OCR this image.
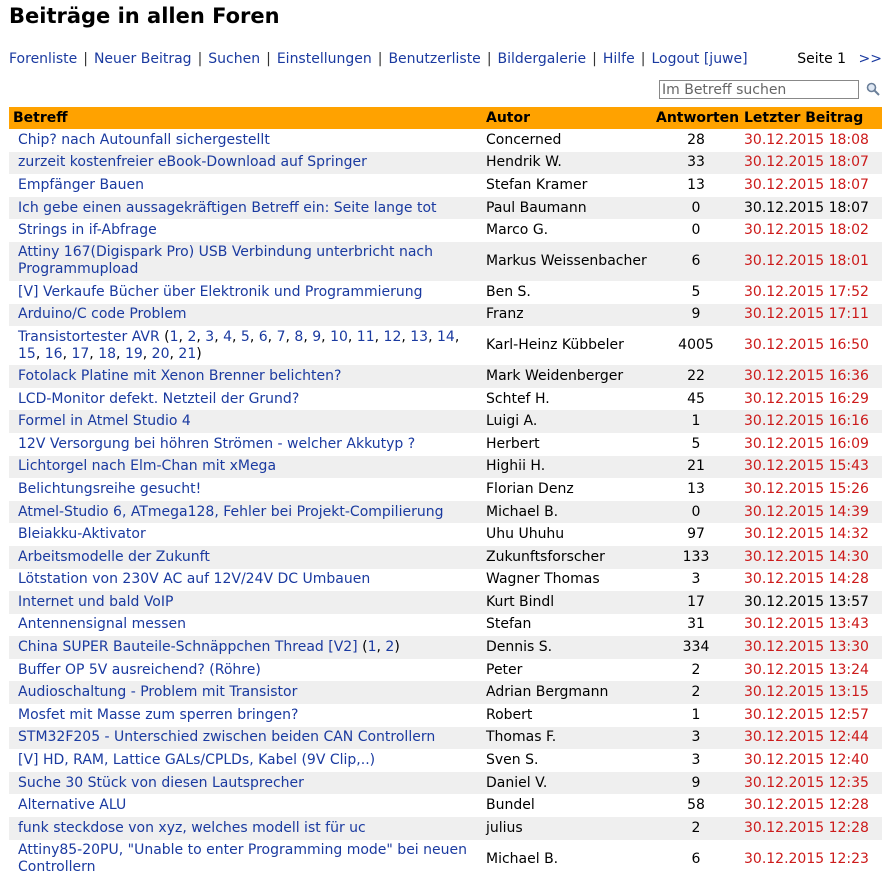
Beiträge in allen Foren
Forenliste | Neuer Beitrag | Suchen | Einstellungen | Benutzerliste | Bildergalerie | Hilfe | Logout [juwe]	Seite 1 >>
Im Betreff suchen
Betreff	Autor	Antworten	Letzter Beitrag
Chip? nach Autounfall sichergestellt	Concerned	28	30.12.2015 18:08
zurzeit kostenfreier eBook-Download auf Springer	Hendrik W.	33	30.12.2015 18:07
Empfänger Bauen	Stefan Kramer	13	30.12.2015 18:07
Ich gebe einen aussagekräftigen Betreff ein: Seite lange tot	Paul Baumann	0	30.12.2015 18:07
Strings in if-Abfrage	Marco G.	0	30.12.2015 18:02
Attiny 167(Digispark Pro) USB Verbindung unterbricht nach Programmupload	Markus Weissenbacher	6	30.12.2015 18:01
[V] Verkaufe Bücher über Elektronik und Programmierung	Ben S.	5	30.12.2015 17:52
Arduino/C code Problem	Franz	9	30.12.2015 17:11
Transistortester AVR (1, 2, 3, 4, 5, 6, 7, 8, 9, 10, 11, 12, 13, 14, 15, 16, 17, 18, 19, 20, 21)	Karl-Heinz Kübbeler	4005	30.12.2015 16:50
Fotolack Platine mit Xenon Brenner belichten?	Mark Weidenberger	22	30.12.2015 16:36
LCD-Monitor defekt. Netzteil der Grund?	Schtef H.	45	30.12.2015 16:29
Formel in Atmel Studio 4	Luigi A.	1	30.12.2015 16:16
12V Versorgung bei höhren Strömen - welcher Akkutyp ?	Herbert	5	30.12.2015 16:09
Lichtorgel nach Elm-Chan mit xMega	Highii H.	21	30.12.2015 15:43
Belichtungsreihe gesucht!	Florian Denz	13	30.12.2015 15:26
Atmel-Studio 6, ATmega128, Fehler bei Projekt-Compilierung	Michael B.	0	30.12.2015 14:39
Bleiakku-Aktivator	Uhu Uhuhu	97	30.12.2015 14:32
Arbeitsmodelle der Zukunft	Zukunftsforscher	133	30.12.2015 14:30
Lötstation von 230V AC auf 12V/24V DC Umbauen	Wagner Thomas	3	30.12.2015 14:28
Internet und bald VoIP	Kurt Bindl	17	30.12.2015 13:57
Antennensignal messen	Stefan	31	30.12.2015 13:43
China SUPER Bauteile-Schnäppchen Thread [V2] (1, 2)	Dennis S.	334	30.12.2015 13:30
Buffer OP 5V ausreichend? (Röhre)	Peter	2	30.12.2015 13:24
Audioschaltung - Problem mit Transistor	Adrian Bergmann	2	30.12.2015 13:15
Mosfet mit Masse zum sperren bringen?	Robert	1	30.12.2015 12:57
STM32F205 - Unterschied zwischen beiden CAN Controllern	Thomas F.	3	30.12.2015 12:44
[V] HD, RAM, Lattice GALs/CPLDs, Kabel (9V Clip,..)	Sven S.	3	30.12.2015 12:40
Suche 30 Stück von diesen Lautsprecher	Daniel V.	9	30.12.2015 12:35
Alternative ALU	Bundel	58	30.12.2015 12:28
funk steckdose von xyz, welches modell ist für uc	julius	2	30.12.2015 12:28
Attiny85-20PU, "Unable to enter Programming mode" bei neuen Controllern	Michael B.	6	30.12.2015 12:23
